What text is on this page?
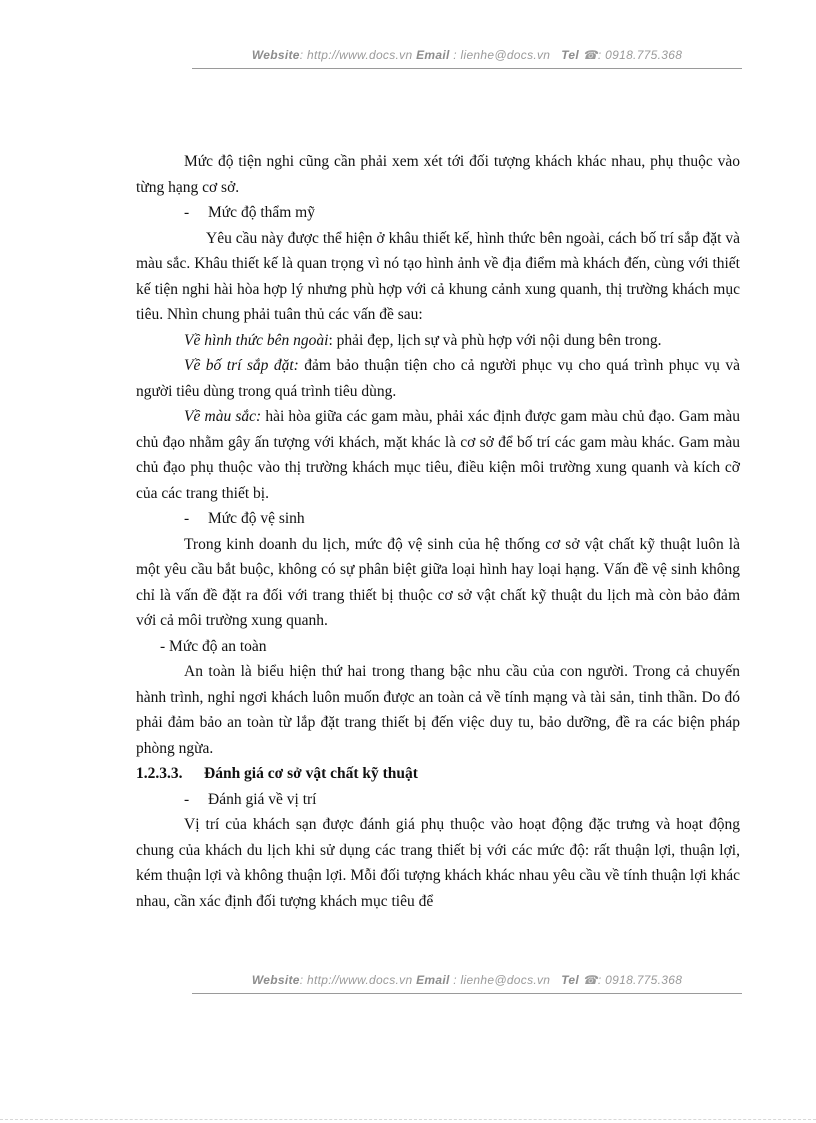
Website: http://www.docs.vn Email : lienhe@docs.vn Tel ☎: 0918.775.368

Mức độ tiện nghi cũng cần phải xem xét tới đối tượng khách khác nhau, phụ thuộc vào từng hạng cơ sở.

- Mức độ thẩm mỹ

Yêu cầu này được thể hiện ở khâu thiết kế, hình thức bên ngoài, cách bố trí sắp đặt và màu sắc. Khâu thiết kế là quan trọng vì nó tạo hình ảnh về địa điểm mà khách đến, cùng với thiết kế tiện nghi hài hòa hợp lý nhưng phù hợp với cả khung cảnh xung quanh, thị trường khách mục tiêu. Nhìn chung phải tuân thủ các vấn đề sau:

Về hình thức bên ngoài: phải đẹp, lịch sự và phù hợp với nội dung bên trong.

Về bố trí sắp đặt: đảm bảo thuận tiện cho cả người phục vụ cho quá trình phục vụ và người tiêu dùng trong quá trình tiêu dùng.

Về màu sắc: hài hòa giữa các gam màu, phải xác định được gam màu chủ đạo. Gam màu chủ đạo nhằm gây ấn tượng với khách, mặt khác là cơ sở để bố trí các gam màu khác. Gam màu chủ đạo phụ thuộc vào thị trường khách mục tiêu, điều kiện môi trường xung quanh và kích cỡ của các trang thiết bị.

- Mức độ vệ sinh

Trong kinh doanh du lịch, mức độ vệ sinh của hệ thống cơ sở vật chất kỹ thuật luôn là một yêu cầu bắt buộc, không có sự phân biệt giữa loại hình hay loại hạng. Vấn đề vệ sinh không chỉ là vấn đề đặt ra đối với trang thiết bị thuộc cơ sở vật chất kỹ thuật du lịch mà còn bảo đảm với cả môi trường xung quanh.

- Mức độ an toàn

An toàn là biểu hiện thứ hai trong thang bậc nhu cầu của con người. Trong cả chuyến hành trình, nghỉ ngơi khách luôn muốn được an toàn cả về tính mạng và tài sản, tinh thần. Do đó phải đảm bảo an toàn từ lắp đặt trang thiết bị đến việc duy tu, bảo dưỡng, đề ra các biện pháp phòng ngừa.

1.2.3.3. Đánh giá cơ sở vật chất kỹ thuật

- Đánh giá về vị trí

Vị trí của khách sạn được đánh giá phụ thuộc vào hoạt động đặc trưng và hoạt động chung của khách du lịch khi sử dụng các trang thiết bị với các mức độ: rất thuận lợi, thuận lợi, kém thuận lợi và không thuận lợi. Mỗi đối tượng khách khác nhau yêu cầu về tính thuận lợi khác nhau, cần xác định đối tượng khách mục tiêu để

Website: http://www.docs.vn Email : lienhe@docs.vn Tel ☎: 0918.775.368
